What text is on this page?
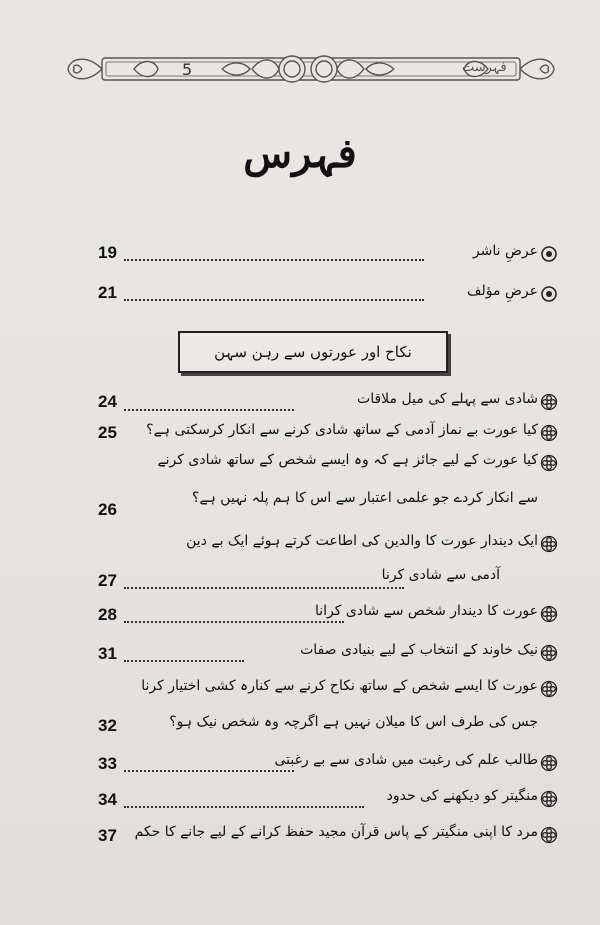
5	فہرست
فہرس
عرضِ ناشر
19
عرضِ مؤلف
21
نکاح اور عورتوں سے رہن سہن
شادی سے پہلے کی میل ملاقات
24
کیا عورت بے نماز آدمی کے ساتھ شادی کرنے سے انکار کرسکتی ہے؟
25
کیا عورت کے لیے جائز ہے کہ وہ ایسے شخص کے ساتھ شادی کرنے
سے انکار کردے جو علمی اعتبار سے اس کا ہم پلہ نہیں ہے؟
26
ایک دیندار عورت کا والدین کی اطاعت کرتے ہوئے ایک بے دین
آدمی سے شادی کرنا
27
عورت کا دیندار شخص سے شادی کرانا
28
نیک خاوند کے انتخاب کے لیے بنیادی صفات
31
عورت کا ایسے شخص کے ساتھ نکاح کرنے سے کنارہ کشی اختیار کرنا
جس کی طرف اس کا میلان نہیں ہے اگرچہ وہ شخص نیک ہو؟
32
طالب علم کی رغبت میں شادی سے بے رغبتی
33
منگیتر کو دیکھنے کی حدود
34
مرد کا اپنی منگیتر کے پاس قرآن مجید حفظ کرانے کے لیے جانے کا حکم
37
